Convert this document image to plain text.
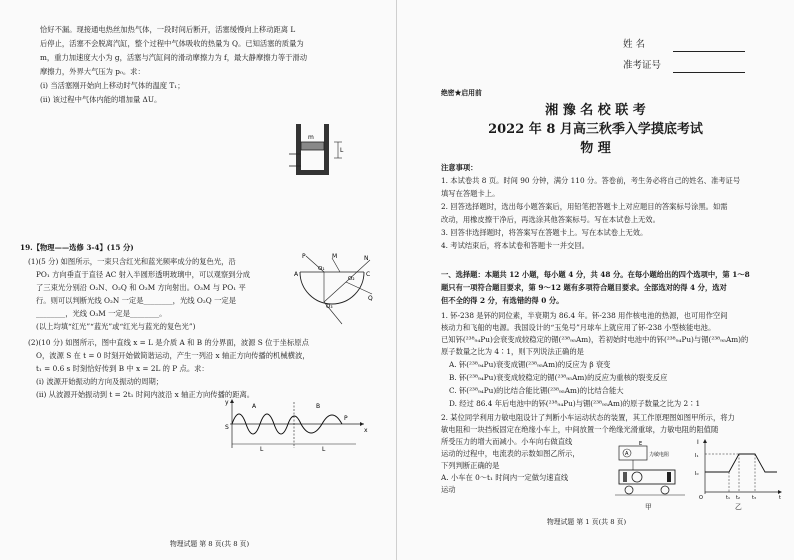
恰好不漏。现接通电热丝加热气体，一段时间后断开，活塞缓慢向上移动距离 L
后停止，活塞不会脱离汽缸，整个过程中气体吸收的热量为 Q。已知活塞的质量为
m，重力加速度大小为 g，活塞与汽缸间的滑动摩擦力为 f，最大静摩擦力等于滑动
摩擦力，外界大气压为 p₀。求：
(i) 当活塞刚开始向上移动时气体的温度 T₁；
(ii) 该过程中气体内能的增加量 ΔU。
m
L
19.【物理——选修 3-4】(15 分)
(1)(5 分) 如图所示，一束只含红光和蓝光频率成分的复色光，沿
PO₁ 方向垂直于直径 AC 射入半圆形透明玻璃中，可以观察到分成
了三束光分别沿 O₂N、O₂Q 和 O₃M 方向射出。O₃M 与 PO₁ 平
行。则可以判断光线 O₂N 一定是________，光线 O₂Q 一定是
________，光线 O₃M 一定是________。
(以上均填“红光”“蓝光”或“红光与蓝光的复色光”)
A	C
P	M	N
Q
O₁
O₂
O₃
(2)(10 分) 如图所示，图中直线 x = L 是介质 A 和 B 的分界面，波源 S 位于坐标原点
O，波源 S 在 t = 0 时刻开始做简谐运动，产生一列沿 x 轴正方向传播的机械横波，
t₁ = 0.6 s 时刻恰好传到 B 中 x = 2L 的 P 点。求：
(i) 波源开始振动的方向及振动的周期；
(ii) 从波源开始振动到 t = 2t₁ 时间内波沿 x 轴正方向传播的距离。
y
x
S
A	B
P
L	L
物理试题 第 8 页(共 8 页)
姓 名
准考证号
绝密★启用前
湘 豫 名 校 联 考
2022 年 8 月高三秋季入学摸底考试
物 理
注意事项：
1. 本试卷共 8 页。时间 90 分钟，满分 110 分。答卷前，考生务必将自己的姓名、准考证号
填写在答题卡上。
2. 回答选择题时，选出每小题答案后，用铅笔把答题卡上对应题目的答案标号涂黑。如需
改动，用橡皮擦干净后，再选涂其他答案标号。写在本试卷上无效。
3. 回答非选择题时，将答案写在答题卡上。写在本试卷上无效。
4. 考试结束后，将本试卷和答题卡一并交回。
一、选择题：本题共 12 小题，每小题 4 分，共 48 分。在每小题给出的四个选项中，第 1～8
题只有一项符合题目要求，第 9～12 题有多项符合题目要求。全部选对的得 4 分，选对
但不全的得 2 分，有选错的得 0 分。
1. 钚-238 是钚的同位素，半衰期为 86.4 年。钚-238 用作核电池的热源，也可用作空间
核动力和飞船的电源。我国设计的“玉兔号”月球车上就应用了钚-238 小型核能电池。
已知钚(²³⁸₉₄Pu)会衰变成较稳定的镅(²³⁸₉₅Am)，若初始时电池中的钚(²³⁸₉₄Pu)与镅(²³⁸₉₅Am)的
原子数量之比为 4∶1，则下列说法正确的是
A. 钚(²³⁸₉₄Pu)衰变成镅(²³⁸₉₅Am)的反应为 β 衰变
B. 钚(²³⁸₉₄Pu)衰变成较稳定的镅(²³⁸₉₅Am)的反应为重核的裂变反应
C. 钚(²³⁸₉₄Pu)的比结合能比镅(²³⁸₉₅Am)的比结合能大
D. 经过 86.4 年后电池中的钚(²³⁸₉₄Pu)与镅(²³⁸₉₅Am)的原子数量之比为 2∶1
2. 某位同学利用力敏电阻设计了判断小车运动状态的装置，其工作原理图如图甲所示，将力
敏电阻和一块挡板固定在绝缘小车上，中间放置一个绝缘光滑重球，力敏电阻的阻值随
所受压力的增大而减小。小车向右做直线
运动的过程中，电流表的示数如图乙所示，
下列判断正确的是
A. 小车在 0～t₁ 时间内一定做匀速直线
运动
A
E
力敏电阻
甲
I
I₁
I₀
O	t₁ t₂ t₃	t
乙
物理试题 第 1 页(共 8 页)
